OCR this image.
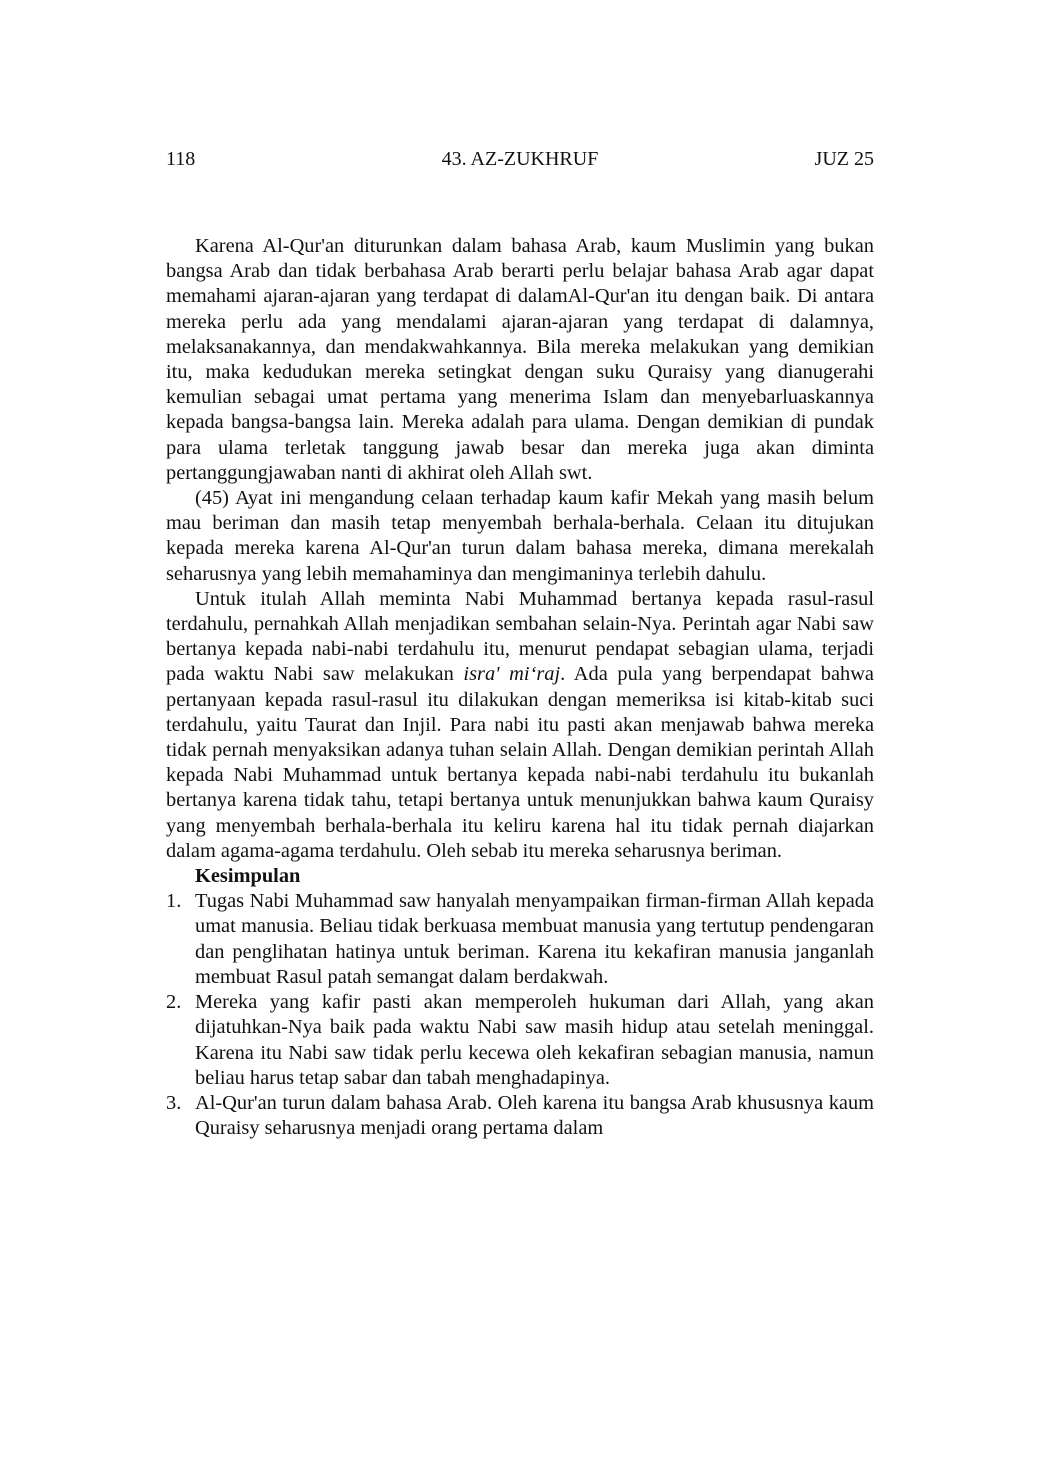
118	43. AZ-ZUKHRUF	JUZ 25

Karena Al-Qur'an diturunkan dalam bahasa Arab, kaum Muslimin yang bukan bangsa Arab dan tidak berbahasa Arab berarti perlu belajar bahasa Arab agar dapat memahami ajaran-ajaran yang terdapat di dalamAl-Qur'an itu dengan baik. Di antara mereka perlu ada yang mendalami ajaran-ajaran yang terdapat di dalamnya, melaksanakannya, dan mendakwahkannya. Bila mereka melakukan yang demikian itu, maka kedudukan mereka setingkat dengan suku Quraisy yang dianugerahi kemulian sebagai umat pertama yang menerima Islam dan menyebarluaskannya kepada bangsa-bangsa lain. Mereka adalah para ulama. Dengan demikian di pundak para ulama terletak tanggung jawab besar dan mereka juga akan diminta pertanggungjawaban nanti di akhirat oleh Allah swt.

(45) Ayat ini mengandung celaan terhadap kaum kafir Mekah yang masih belum mau beriman dan masih tetap menyembah berhala-berhala. Celaan itu ditujukan kepada mereka karena Al-Qur'an turun dalam bahasa mereka, dimana merekalah seharusnya yang lebih memahaminya dan mengimaninya terlebih dahulu.

Untuk itulah Allah meminta Nabi Muhammad bertanya kepada rasul-rasul terdahulu, pernahkah Allah menjadikan sembahan selain-Nya. Perintah agar Nabi saw bertanya kepada nabi-nabi terdahulu itu, menurut pendapat sebagian ulama, terjadi pada waktu Nabi saw melakukan isra' mi‘raj. Ada pula yang berpendapat bahwa pertanyaan kepada rasul-rasul itu dilakukan dengan memeriksa isi kitab-kitab suci terdahulu, yaitu Taurat dan Injil. Para nabi itu pasti akan menjawab bahwa mereka tidak pernah menyaksikan adanya tuhan selain Allah. Dengan demikian perintah Allah kepada Nabi Muhammad untuk bertanya kepada nabi-nabi terdahulu itu bukanlah bertanya karena tidak tahu, tetapi bertanya untuk menunjukkan bahwa kaum Quraisy yang menyembah berhala-berhala itu keliru karena hal itu tidak pernah diajarkan dalam agama-agama terdahulu. Oleh sebab itu mereka seharusnya beriman.

Kesimpulan

1. Tugas Nabi Muhammad saw hanyalah menyampaikan firman-firman Allah kepada umat manusia. Beliau tidak berkuasa membuat manusia yang tertutup pendengaran dan penglihatan hatinya untuk beriman. Karena itu kekafiran manusia janganlah membuat Rasul patah semangat dalam berdakwah.
2. Mereka yang kafir pasti akan memperoleh hukuman dari Allah, yang akan dijatuhkan-Nya baik pada waktu Nabi saw masih hidup atau setelah meninggal. Karena itu Nabi saw tidak perlu kecewa oleh kekafiran sebagian manusia, namun beliau harus tetap sabar dan tabah menghadapinya.
3. Al-Qur'an turun dalam bahasa Arab. Oleh karena itu bangsa Arab khususnya kaum Quraisy seharusnya menjadi orang pertama dalam
